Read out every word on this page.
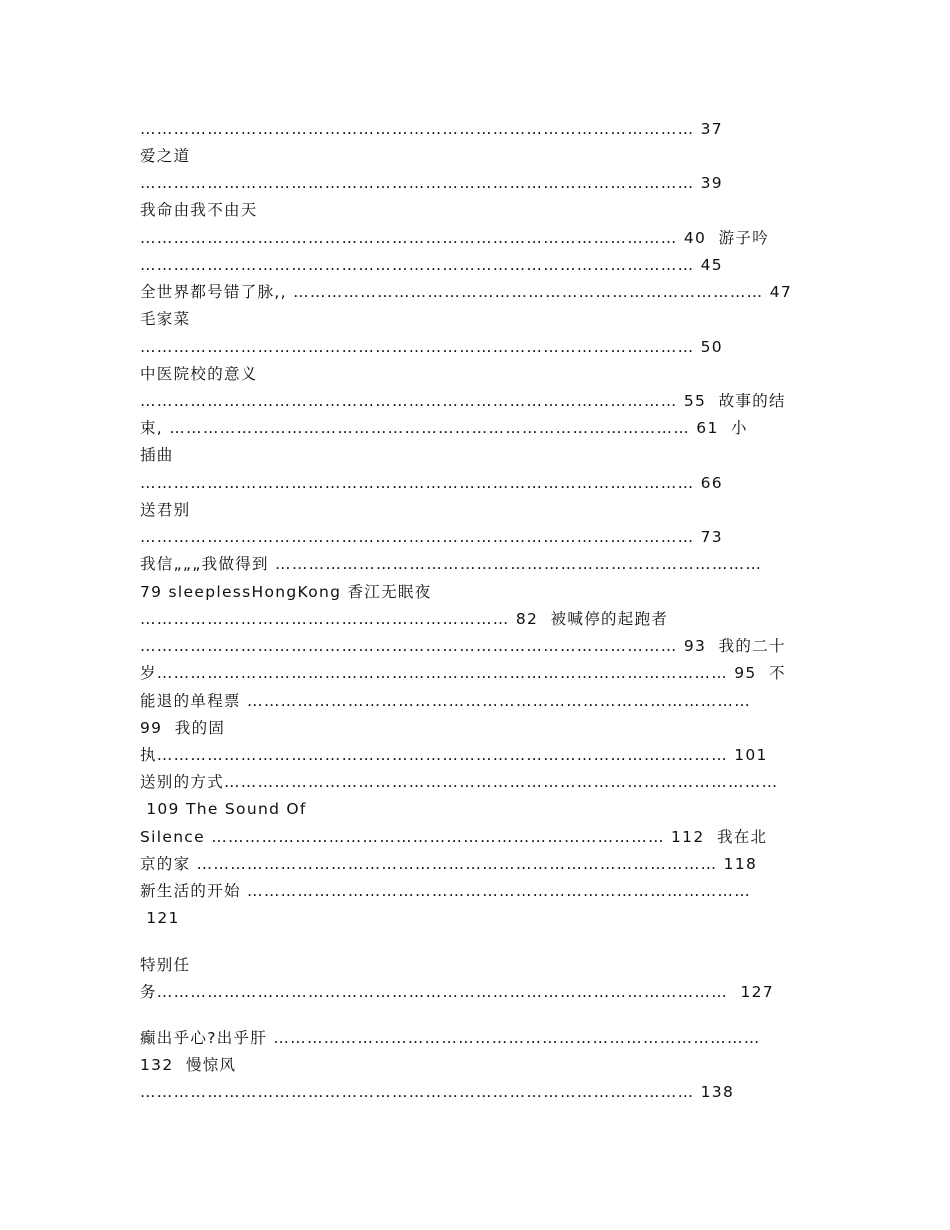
……………………………………………………………………………………… 37
爱之道
……………………………………………………………………………………… 39
我命由我不由天
…………………………………………………………………………………… 40  游子吟
……………………………………………………………………………………… 45
全世界都号错了脉,, ………………………………………………………………………… 47
毛家菜
……………………………………………………………………………………… 50
中医院校的意义
…………………………………………………………………………………… 55  故事的结
束, ………………………………………………………………………………… 61  小
插曲
……………………………………………………………………………………… 66
送君别
……………………………………………………………………………………… 73
我信„„„我做得到 ……………………………………………………………………………
79 sleeplessHongKong 香江无眠夜
………………………………………………………… 82  被喊停的起跑者
…………………………………………………………………………………… 93  我的二十
岁………………………………………………………………………………………… 95  不
能退的单程票 ………………………………………………………………………………
99  我的固
执………………………………………………………………………………………… 101
送别的方式………………………………………………………………………………………
109 The Sound Of
Silence ……………………………………………………………………… 112  我在北
京的家 ………………………………………………………………………………… 118
新生活的开始 ………………………………………………………………………………
121
特别任
务…………………………………………………………………………………………  127
癫出乎心?出乎肝 ……………………………………………………………………………
132  慢惊风
……………………………………………………………………………………… 138
